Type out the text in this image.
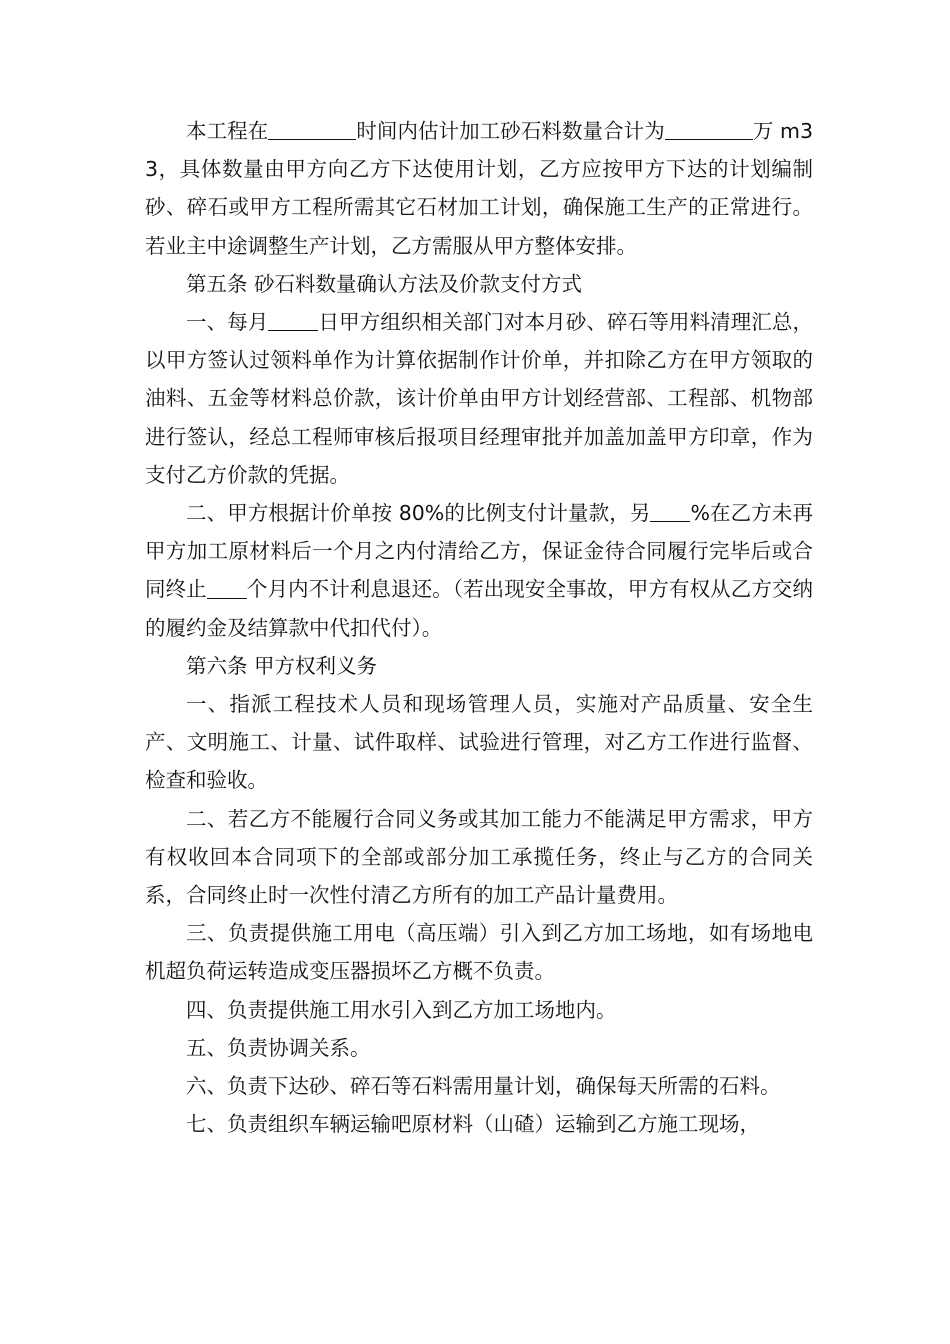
本工程在	时间内估计加工砂石料数量合计为	万 m33，具体数量由甲方向乙方下达使用计划，乙方应按甲方下达的计划编制砂、碎石或甲方工程所需其它石材加工计划，确保施工生产的正常进行。若业主中途调整生产计划，乙方需服从甲方整体安排。

第五条 砂石料数量确认方法及价款支付方式

一、每月 日甲方组织相关部门对本月砂、碎石等用料清理汇总，以甲方签认过领料单作为计算依据制作计价单，并扣除乙方在甲方领取的油料、五金等材料总价款，该计价单由甲方计划经营部、工程部、机物部进行签认，经总工程师审核后报项目经理审批并加盖加盖甲方印章，作为支付乙方价款的凭据。

二、甲方根据计价单按 80%的比例支付计量款，另 %在乙方未再甲方加工原材料后一个月之内付清给乙方，保证金待合同履行完毕后或合同终止 个月内不计利息退还。（若出现安全事故，甲方有权从乙方交纳的履约金及结算款中代扣代付）。

第六条 甲方权利义务

一、指派工程技术人员和现场管理人员，实施对产品质量、安全生产、文明施工、计量、试件取样、试验进行管理，对乙方工作进行监督、检查和验收。

二、若乙方不能履行合同义务或其加工能力不能满足甲方需求，甲方有权收回本合同项下的全部或部分加工承揽任务，终止与乙方的合同关系，合同终止时一次性付清乙方所有的加工产品计量费用。

三、负责提供施工用电（高压端）引入到乙方加工场地，如有场地电机超负荷运转造成变压器损坏乙方概不负责。

四、负责提供施工用水引入到乙方加工场地内。

五、负责协调关系。

六、负责下达砂、碎石等石料需用量计划，确保每天所需的石料。

七、负责组织车辆运输吧原材料（山碴）运输到乙方施工现场，
